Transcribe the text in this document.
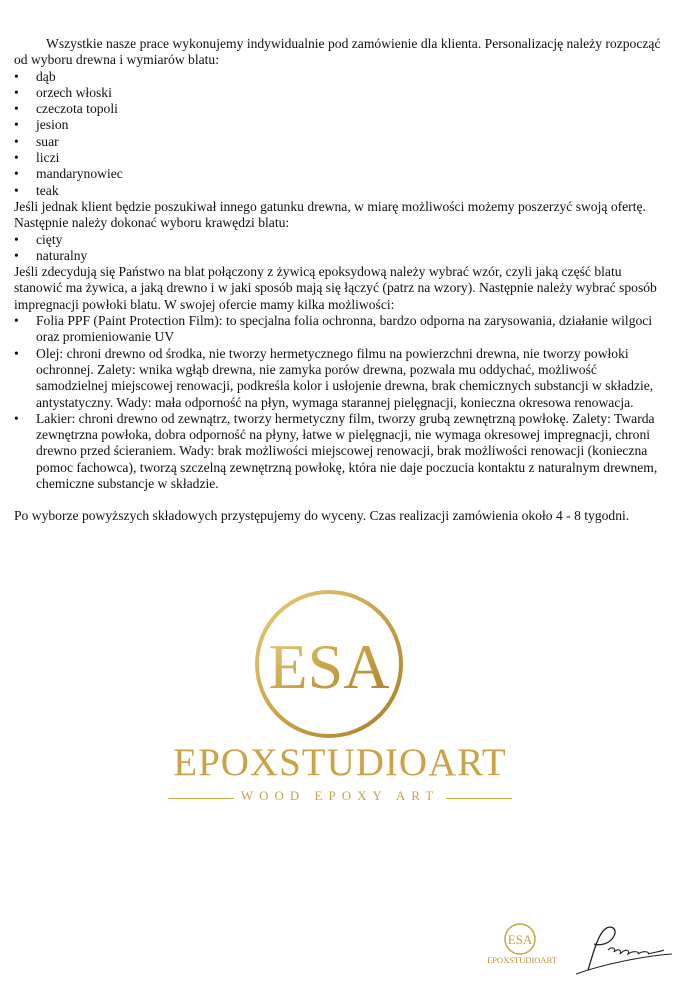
Wszystkie nasze prace wykonujemy indywidualnie pod zamówienie dla klienta. Personalizację należy rozpocząć od wyboru drewna i wymiarów blatu:

• dąb
• orzech włoski
• czeczota topoli
• jesion
• suar
• liczi
• mandarynowiec
• teak

Jeśli jednak klient będzie poszukiwał innego gatunku drewna, w miarę możliwości możemy poszerzyć swoją ofertę. Następnie należy dokonać wyboru krawędzi blatu:

• cięty
• naturalny

Jeśli zdecydują się Państwo na blat połączony z żywicą epoksydową należy wybrać wzór, czyli jaką część blatu stanowić ma żywica, a jaką drewno i w jaki sposób mają się łączyć (patrz na wzory). Następnie należy wybrać sposób impregnacji powłoki blatu. W swojej ofercie mamy kilka możliwości:

• Folia PPF (Paint Protection Film): to specjalna folia ochronna, bardzo odporna na zarysowania, działanie wilgoci oraz promieniowanie UV
• Olej: chroni drewno od środka, nie tworzy hermetycznego filmu na powierzchni drewna, nie tworzy powłoki ochronnej. Zalety: wnika wgłąb drewna, nie zamyka porów drewna, pozwala mu oddychać, możliwość samodzielnej miejscowej renowacji, podkreśla kolor i usłojenie drewna, brak chemicznych substancji w składzie, antystatyczny. Wady: mała odporność na płyn, wymaga starannej pielęgnacji, konieczna okresowa renowacja.
• Lakier: chroni drewno od zewnątrz, tworzy hermetyczny film, tworzy grubą zewnętrzną powłokę. Zalety: Twarda zewnętrzna powłoka, dobra odporność na płyny, łatwe w pielęgnacji, nie wymaga okresowej impregnacji, chroni drewno przed ścieraniem. Wady: brak możliwości miejscowej renowacji, brak możliwości renowacji (konieczna pomoc fachowca), tworzą szczelną zewnętrzną powłokę, która nie daje poczucia kontaktu z naturalnym drewnem, chemiczne substancje w składzie.

Po wyborze powyższych składowych przystępujemy do wyceny. Czas realizacji zamówienia około 4 - 8 tygodni.

ESA
EPOXSTUDIOART
WOOD EPOXY ART
ESA
EPOXSTUDIOART
